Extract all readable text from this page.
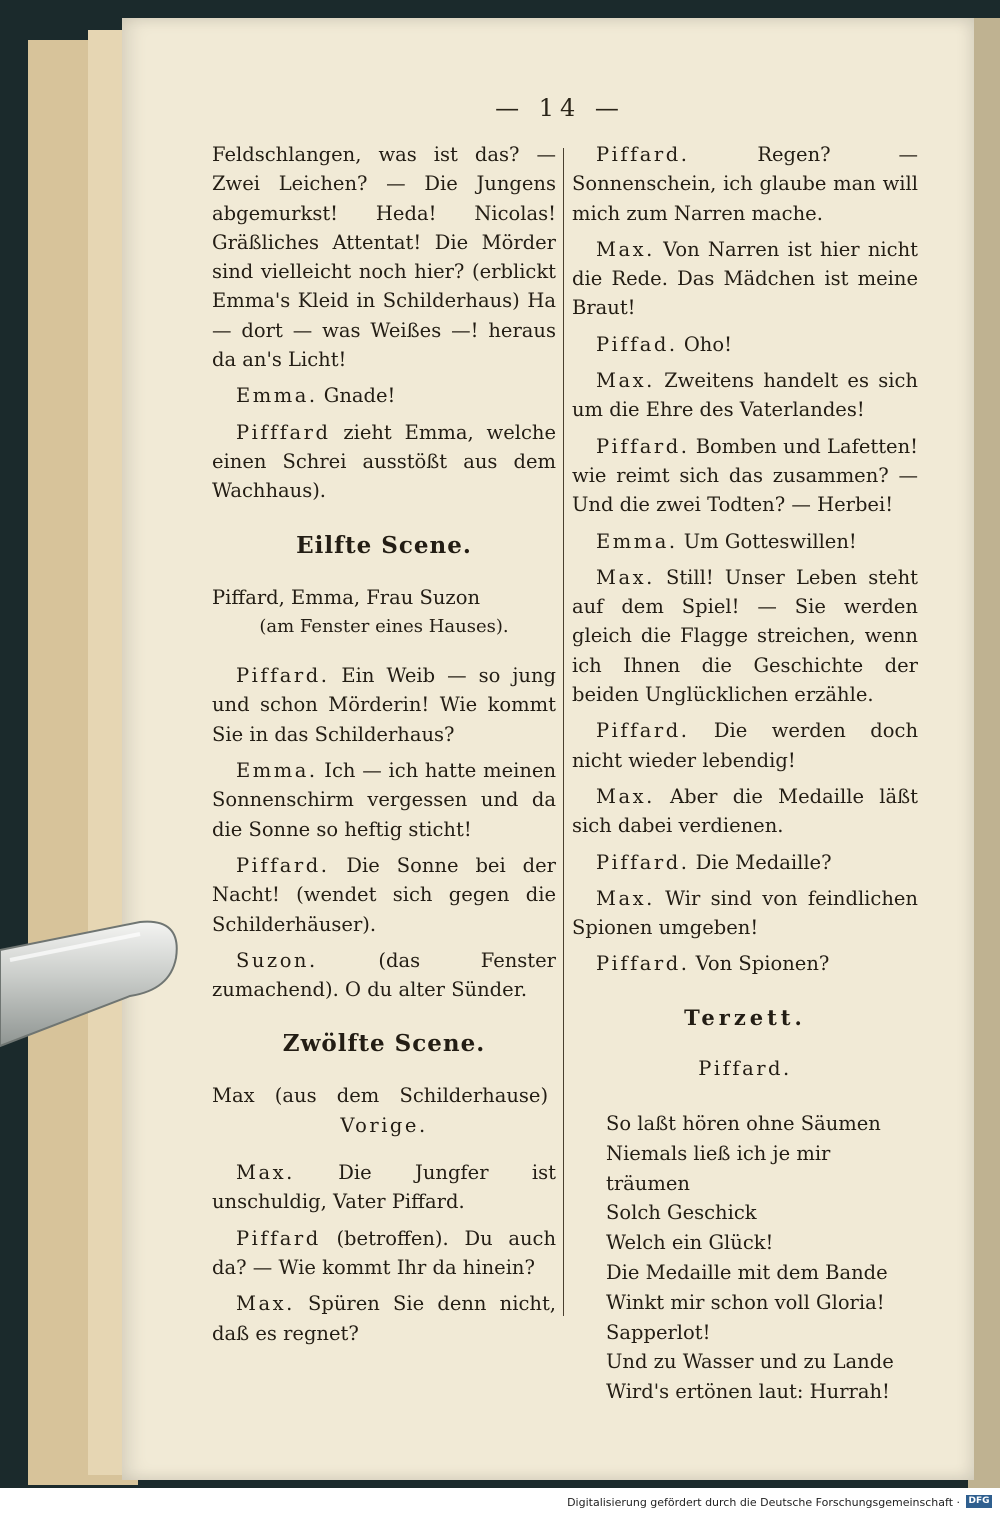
— 14 —

Feldschlangen, was ist das? — Zwei Leichen? — Die Jungens abgemurkst! Heda! Nicolas! Gräßliches Attentat! Die Mörder sind vielleicht noch hier? (erblickt Emma's Kleid in Schilderhaus) Ha — dort — was Weißes —! heraus da an's Licht!

Emma. Gnade!

Pifffard zieht Emma, welche einen Schrei ausstößt aus dem Wachhaus).

Eilfte Scene.

Piffard, Emma, Frau Suzon

(am Fenster eines Hauses).

Piffard. Ein Weib — so jung und schon Mörderin! Wie kommt Sie in das Schilderhaus?

Emma. Ich — ich hatte meinen Sonnenschirm vergessen und da die Sonne so heftig sticht!

Piffard. Die Sonne bei der Nacht! (wendet sich gegen die Schilderhäuser).

Suzon.	(das Fenster zumachend). O du alter Sünder.

Zwölfte Scene.

Max (aus dem Schilderhause)

Vorige.

Max. Die Jungfer ist unschuldig, Vater Piffard.

Piffard (betroffen). Du auch da? — Wie kommt Ihr da hinein?

Max. Spüren Sie denn nicht, daß es regnet?

Piffard.	Regen? — Sonnenschein, ich glaube man will mich zum Narren mache.

Max. Von Narren ist hier nicht die Rede. Das Mädchen ist meine Braut!

Piffad. Oho!

Max. Zweitens handelt es sich um die Ehre des Vaterlandes!

Piffard. Bomben und Lafetten! wie reimt sich das zusammen? — Und die zwei Todten? — Herbei!

Emma. Um Gotteswillen!

Max. Still! Unser Leben steht auf dem Spiel! — Sie werden gleich die Flagge streichen, wenn ich Ihnen die Geschichte der beiden Unglücklichen erzähle.

Piffard. Die werden doch nicht wieder lebendig!

Max. Aber die Medaille läßt sich dabei verdienen.

Piffard. Die Medaille?

Max. Wir sind von feindlichen Spionen umgeben!

Piffard. Von Spionen?

Terzett.

Piffard.

So laßt hören ohne Säumen

Niemals ließ ich je mir träumen

Solch Geschick

Welch ein Glück!

Die Medaille mit dem Bande

Winkt mir schon voll Gloria!

Sapperlot!

Und zu Wasser und zu Lande

Wird's ertönen laut: Hurrah!

Digitalisierung gefördert durch die Deutsche Forschungsgemeinschaft · DFG
